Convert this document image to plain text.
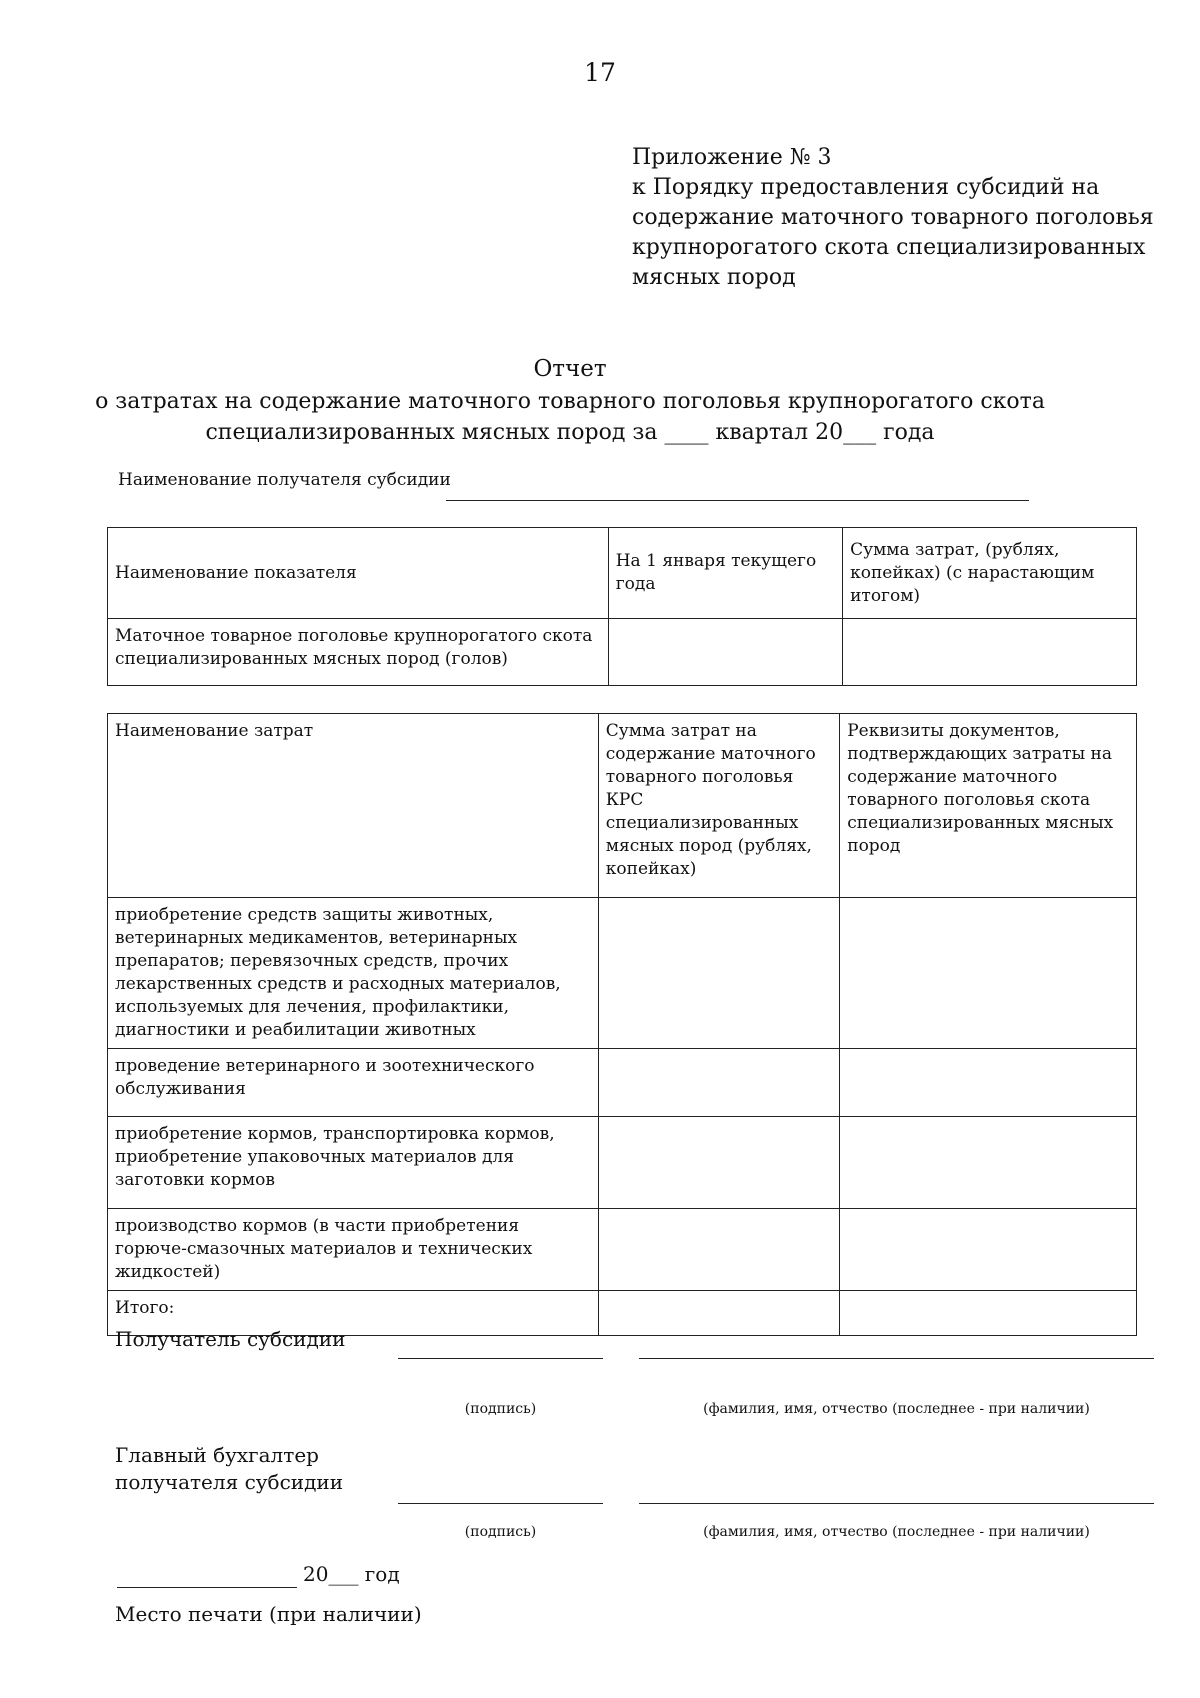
17
Приложение № 3
к Порядку предоставления субсидий на
содержание маточного товарного поголовья
крупнорогатого скота специализированных
мясных пород
Отчет
о затратах на содержание маточного товарного поголовья крупнорогатого скота
специализированных мясных пород за ____ квартал 20___ года
Наименование получателя субсидии
Наименование показателя	На 1 января текущего года	Сумма затрат, (рублях, копейках) (с нарастающим итогом)
Маточное товарное поголовье крупнорогатого скота специализированных мясных пород (голов)		
Наименование затрат	Сумма затрат на содержание маточного товарного поголовья КРС специализированных мясных пород (рублях, копейках)	Реквизиты документов, подтверждающих затраты на содержание маточного товарного поголовья скота специализированных мясных пород
приобретение средств защиты животных, ветеринарных медикаментов, ветеринарных препаратов; перевязочных средств, прочих лекарственных средств и расходных материалов, используемых для лечения, профилактики, диагностики и реабилитации животных		
проведение ветеринарного и зоотехнического обслуживания		
приобретение кормов, транспортировка кормов, приобретение упаковочных материалов для заготовки кормов		
производство кормов (в части приобретения горюче-смазочных материалов и технических жидкостей)		
Итого:		
Получатель субсидии
(подпись)	(фамилия, имя, отчество (последнее - при наличии)
Главный бухгалтер
получателя субсидии
(подпись)	(фамилия, имя, отчество (последнее - при наличии)
20___ год
Место печати (при наличии)
